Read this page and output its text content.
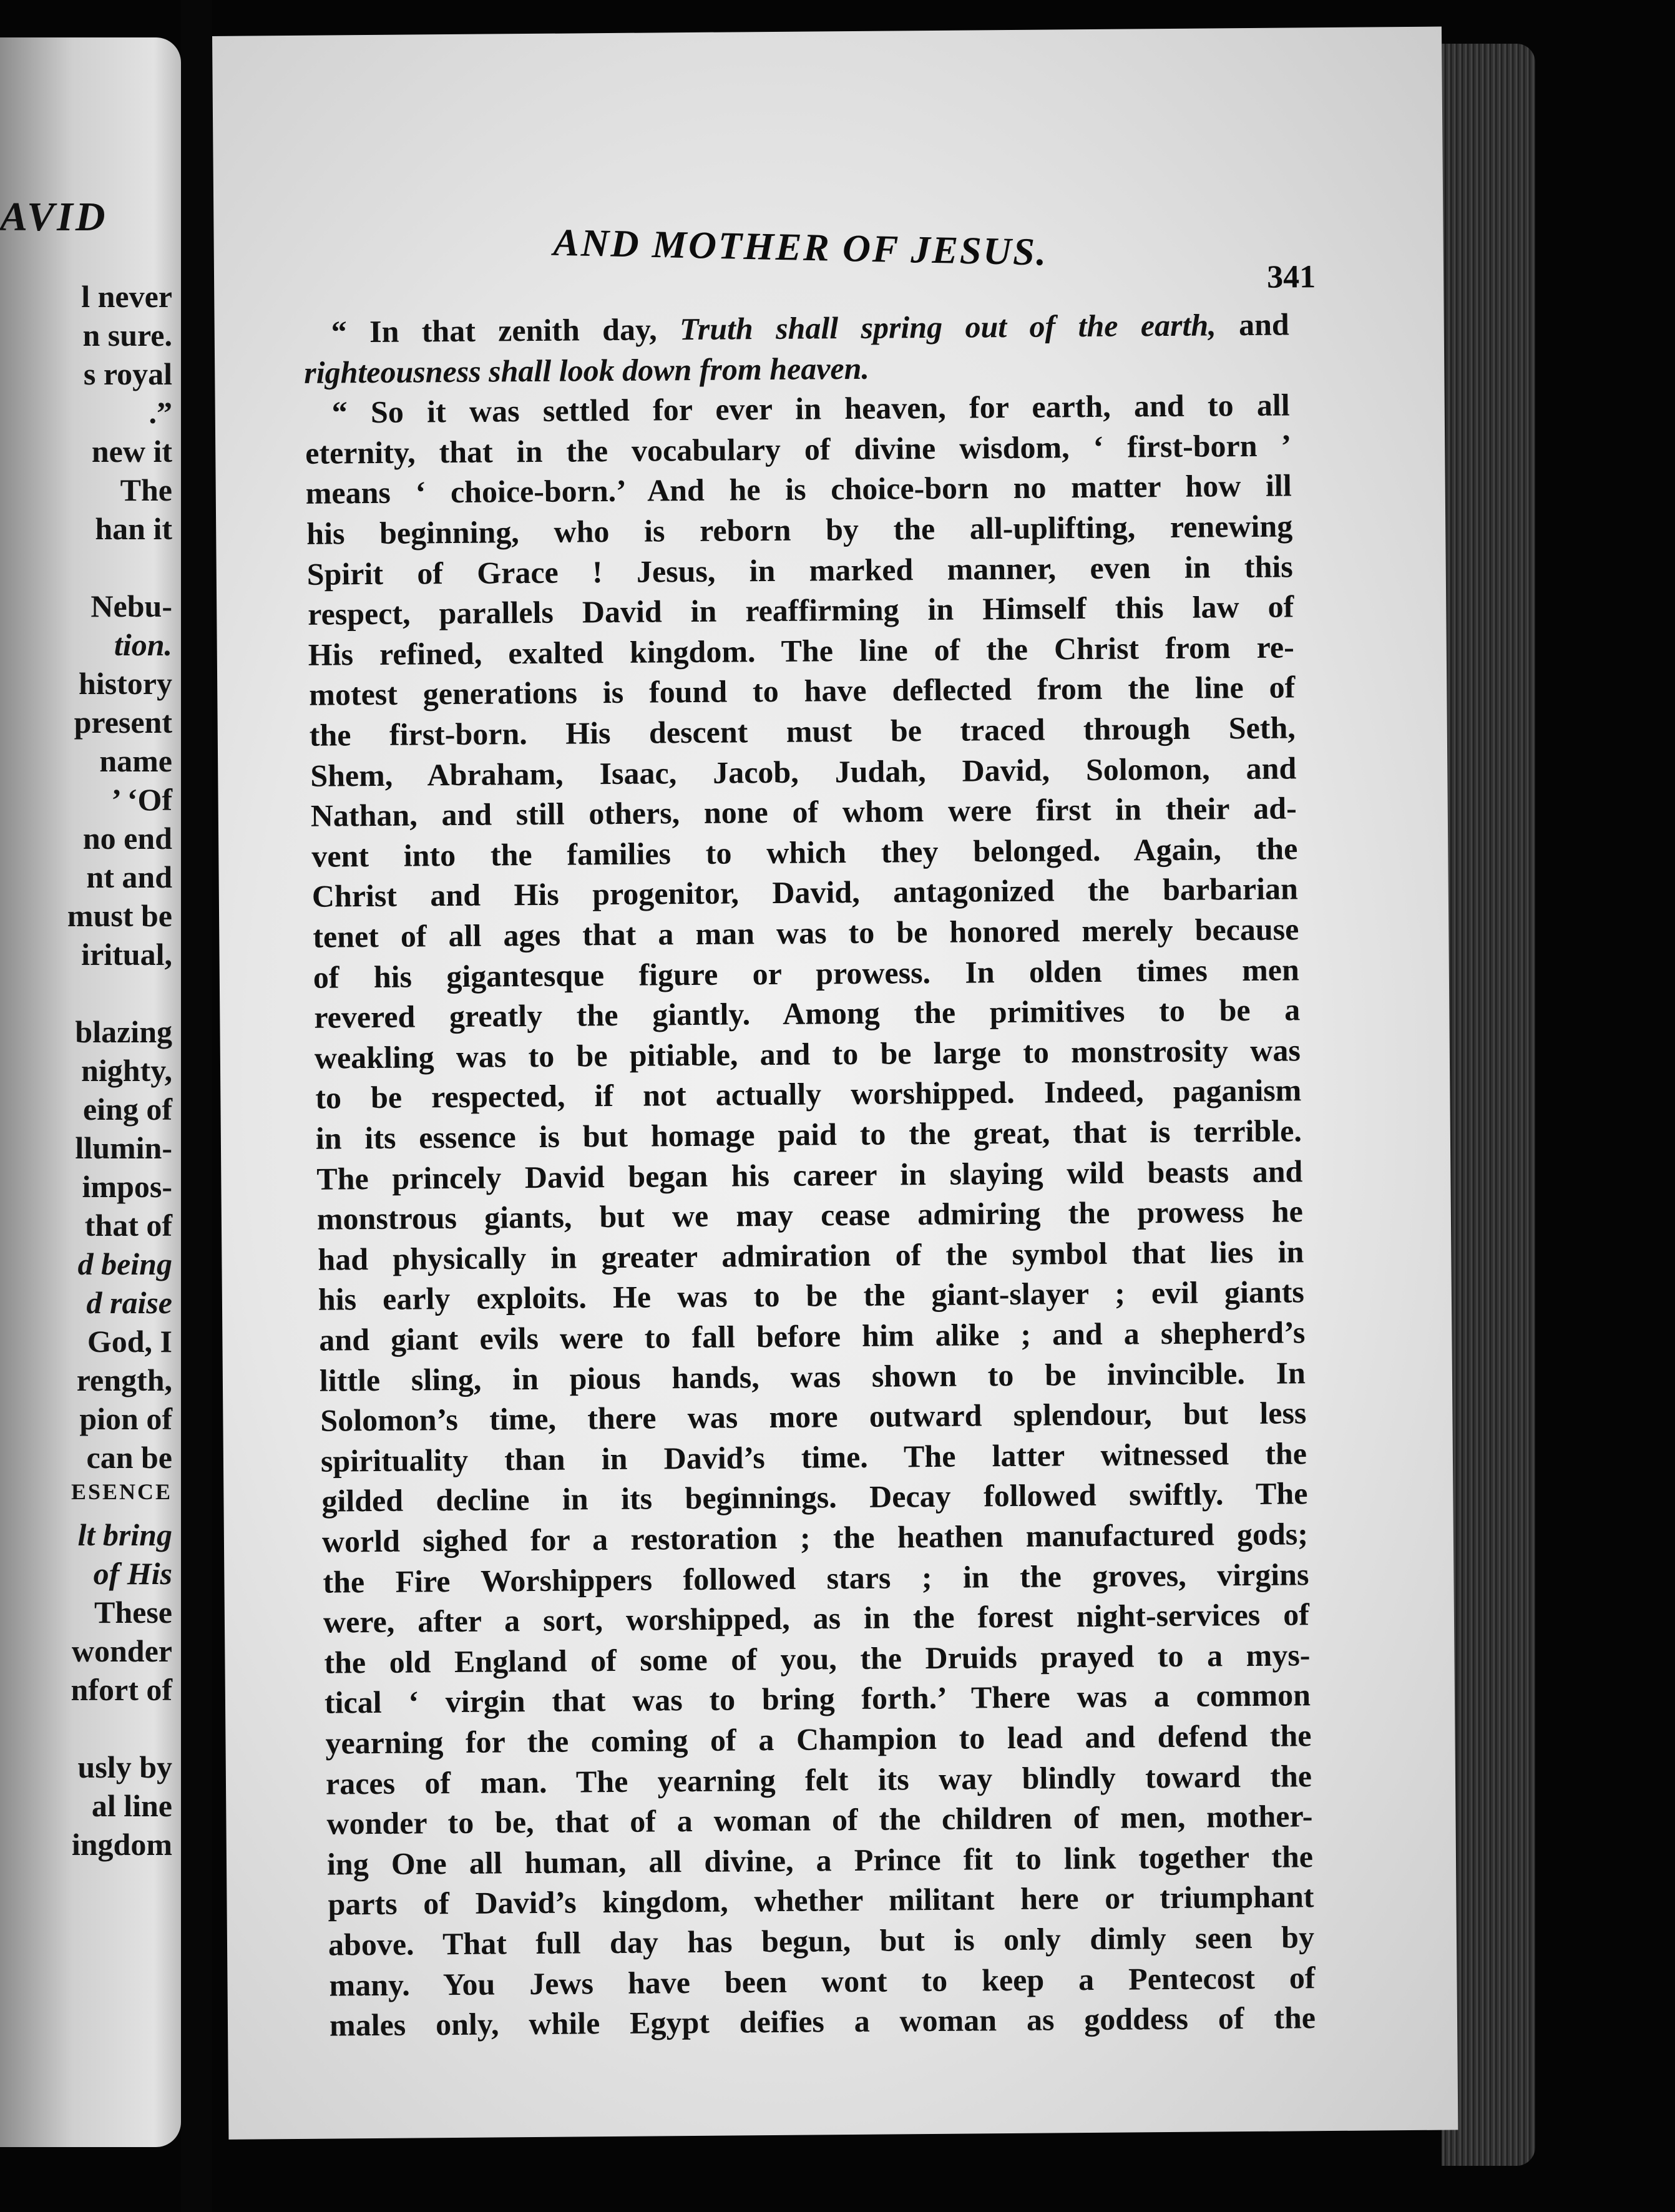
AVID
l never
n sure.
s royal
.”
new it
The
han it
Nebu-
tion.
history
present
name
’ ‘Of
no end
nt and
must be
iritual,
blazing
nighty,
eing of
llumin-
impos-
that of
d being
d raise
God, I
rength,
pion of
can be
ESENCE
lt bring
of His
These
wonder
nfort of
usly by
al line
ingdom
AND MOTHER OF JESUS.
341
“ In that zenith day, Truth shall spring out of the earth, and
righteousness shall look down from heaven.
“ So it was settled for ever in heaven, for earth, and to all
eternity, that in the vocabulary of divine wisdom, ‘ first-born ’
means ‘ choice-born.’ And he is choice-born no matter how ill
his beginning, who is reborn by the all-uplifting, renewing
Spirit of Grace ! Jesus, in marked manner, even in this
respect, parallels David in reaffirming in Himself this law of
His refined, exalted kingdom. The line of the Christ from re-
motest generations is found to have deflected from the line of
the first-born. His descent must be traced through Seth,
Shem, Abraham, Isaac, Jacob, Judah, David, Solomon, and
Nathan, and still others, none of whom were first in their ad-
vent into the families to which they belonged. Again, the
Christ and His progenitor, David, antagonized the barbarian
tenet of all ages that a man was to be honored merely because
of his gigantesque figure or prowess. In olden times men
revered greatly the giantly. Among the primitives to be a
weakling was to be pitiable, and to be large to monstrosity was
to be respected, if not actually worshipped. Indeed, paganism
in its essence is but homage paid to the great, that is terrible.
The princely David began his career in slaying wild beasts and
monstrous giants, but we may cease admiring the prowess he
had physically in greater admiration of the symbol that lies in
his early exploits. He was to be the giant-slayer ; evil giants
and giant evils were to fall before him alike ; and a shepherd’s
little sling, in pious hands, was shown to be invincible. In
Solomon’s time, there was more outward splendour, but less
spirituality than in David’s time. The latter witnessed the
gilded decline in its beginnings. Decay followed swiftly. The
world sighed for a restoration ; the heathen manufactured gods;
the Fire Worshippers followed stars ; in the groves, virgins
were, after a sort, worshipped, as in the forest night-services of
the old England of some of you, the Druids prayed to a mys-
tical ‘ virgin that was to bring forth.’ There was a common
yearning for the coming of a Champion to lead and defend the
races of man. The yearning felt its way blindly toward the
wonder to be, that of a woman of the children of men, mother-
ing One all human, all divine, a Prince fit to link together the
parts of David’s kingdom, whether militant here or triumphant
above. That full day has begun, but is only dimly seen by
many. You Jews have been wont to keep a Pentecost of
males only, while Egypt deifies a woman as goddess of the
